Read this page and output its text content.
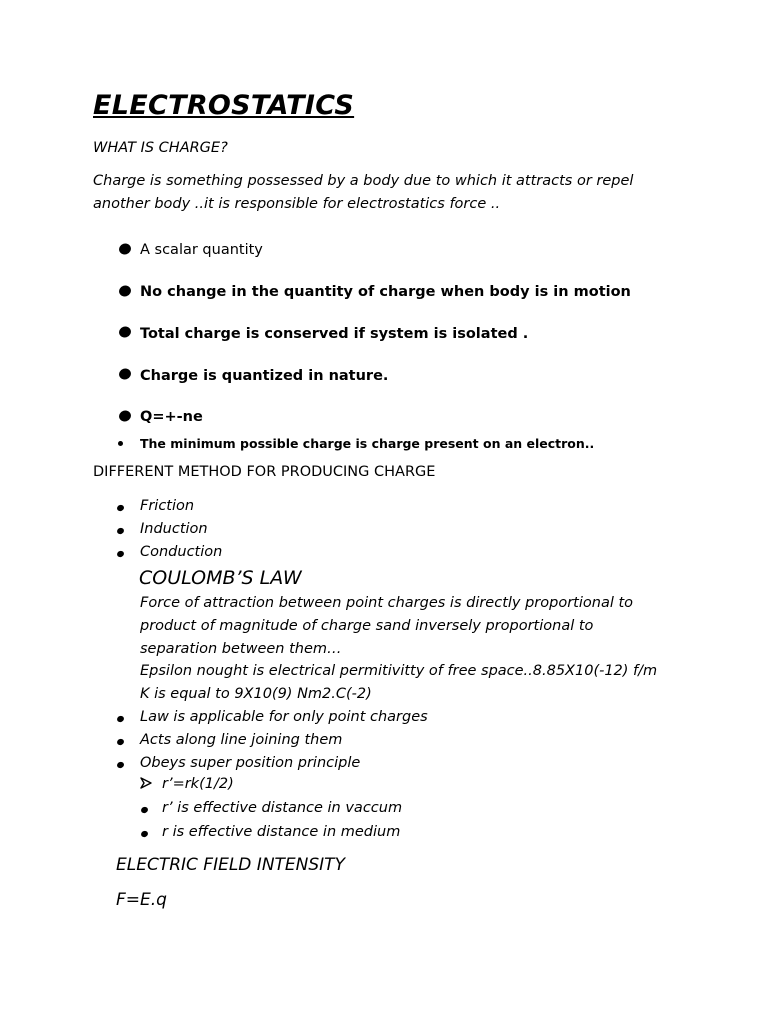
ELECTROSTATICS
WHAT IS CHARGE?
Charge is something possessed by a body due to which it attracts or repel
another body ..it is responsible for electrostatics force ..
A scalar quantity
No change in the quantity of charge when body is in motion
Total charge is conserved if system is isolated .
Charge is quantized in nature.
Q=+-ne
The minimum possible charge is charge present on an electron..
DIFFERENT METHOD FOR PRODUCING CHARGE
Friction
Induction
Conduction
COULOMB’S LAW
Force of attraction between point charges is directly proportional to
product of magnitude of charge sand inversely proportional to
separation between them…
Epsilon nought is electrical permitivitty of free space..8.85X10(-12) f/m
K is equal to 9X10(9) Nm2.C(-2)
Law is applicable for only point charges
Acts along line joining them
Obeys super position principle
r’=rk(1/2)
r’ is effective distance in vaccum
r is effective distance in medium
ELECTRIC FIELD INTENSITY
F=E.q
